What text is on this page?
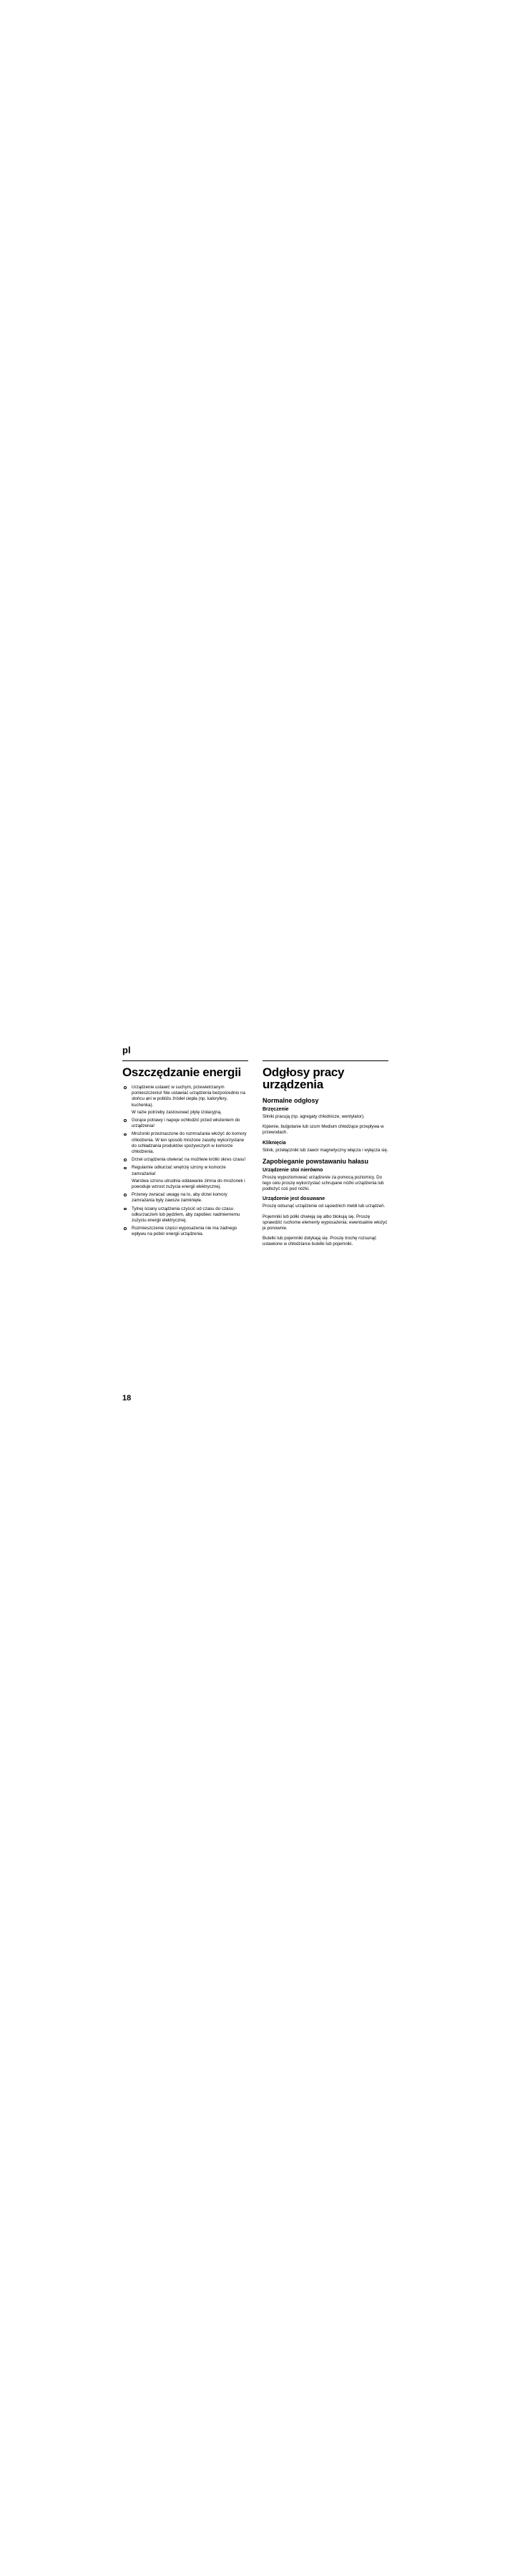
pl
Oszczędzanie energii
Urządzenie ustawić w suchym, przewietrzanym pomieszczeniu! Nie ustawiać urządzenia bezpośrednio na słońcu ani w pobliżu źródeł ciepła (np. kaloryfery, kuchenka).
W razie potrzeby zastosować płytę izolacyjną.
Gorące potrawy i napoje ochłodzić przed włożeniem do urządzenia!
Mrożonki przeznaczone do rozmrażania włożyć do komory chłodzenia. W ten sposób mrożone zasoby wykorzystane do schładzania produktów spożywczych w komorze chłodzenia.
Drzwi urządzenia otwierać na możliwie krótki okres czasu!
Regularnie odkurzać wnętrzę szrony w komorze zamrażania!
Warstwa szronu utrudnia oddawanie zimna do mrożonek i powoduje wzrost zużycia energii elektrycznej.
Przerwy zwracać uwagę na to, aby drzwi komory zamrażania były zawsze zamknięte.
Tylnej ściany urządzenia czyścić od czasu do czasu odkurzaczem lub pędzlem, aby zapobiec nadmiernemu zużyciu energii elektrycznej.
Rozmieszczenie części wyposażenia nie ma żadnego wpływu na pobór energii urządzenia.
Odgłosy pracy urządzenia
Normalne odgłosy
Brzęczenie

Silniki pracują (np. agregaty chłodnicze, wentylator).

Kipienie, bulgotanie lub szum Medium chłodzące przepływa w przewodach.

Kliknięcia

Silnik, przełączniki lub zawór magnetyczny włącza i wyłącza się.

Zapobieganie powstawaniu hałasu
Urządzenie stoi nierówno

Proszę wypoziomować urządzenie za pomocą poziomicy. Do tego celu proszę wykorzystać schrupane nóżki urządzenia lub podłożyć coś pod nóżki.

Urządzenie jest dosuwane

Proszę odsunąć urządzenie od sąsiednich mebli lub urządzeń.

Pojemniki lub półki chwieją się albo blokują się. Proszę sprawdzić ruchome elementy wyposażenia; ewentualnie włożyć je ponownie.

Butelki lub pojemniki dotykają się. Proszę trochę rozsunąć ustawione w chłodziarce butelki lub pojemniki.

18
